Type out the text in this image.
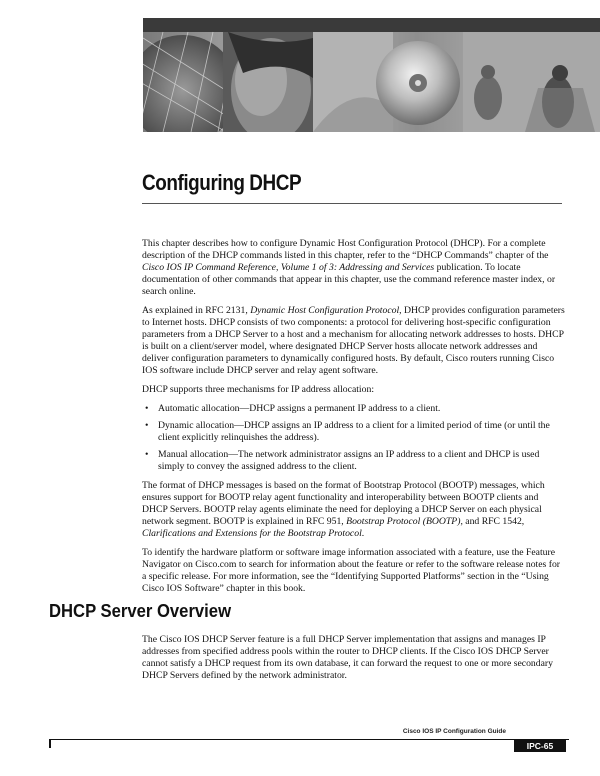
Configuring DHCP

This chapter describes how to configure Dynamic Host Configuration Protocol (DHCP). For a complete description of the DHCP commands listed in this chapter, refer to the “DHCP Commands” chapter of the Cisco IOS IP Command Reference, Volume 1 of 3: Addressing and Services publication. To locate documentation of other commands that appear in this chapter, use the command reference master index, or search online.

As explained in RFC 2131, Dynamic Host Configuration Protocol, DHCP provides configuration parameters to Internet hosts. DHCP consists of two components: a protocol for delivering host-specific configuration parameters from a DHCP Server to a host and a mechanism for allocating network addresses to hosts. DHCP is built on a client/server model, where designated DHCP Server hosts allocate network addresses and deliver configuration parameters to dynamically configured hosts. By default, Cisco routers running Cisco IOS software include DHCP server and relay agent software.

DHCP supports three mechanisms for IP address allocation:

• Automatic allocation—DHCP assigns a permanent IP address to a client.
• Dynamic allocation—DHCP assigns an IP address to a client for a limited period of time (or until the client explicitly relinquishes the address).
• Manual allocation—The network administrator assigns an IP address to a client and DHCP is used simply to convey the assigned address to the client.

The format of DHCP messages is based on the format of Bootstrap Protocol (BOOTP) messages, which ensures support for BOOTP relay agent functionality and interoperability between BOOTP clients and DHCP Servers. BOOTP relay agents eliminate the need for deploying a DHCP Server on each physical network segment. BOOTP is explained in RFC 951, Bootstrap Protocol (BOOTP), and RFC 1542, Clarifications and Extensions for the Bootstrap Protocol.

To identify the hardware platform or software image information associated with a feature, use the Feature Navigator on Cisco.com to search for information about the feature or refer to the software release notes for a specific release. For more information, see the “Identifying Supported Platforms” section in the “Using Cisco IOS Software” chapter in this book.

DHCP Server Overview

The Cisco IOS DHCP Server feature is a full DHCP Server implementation that assigns and manages IP addresses from specified address pools within the router to DHCP clients. If the Cisco IOS DHCP Server cannot satisfy a DHCP request from its own database, it can forward the request to one or more secondary DHCP Servers defined by the network administrator.

Cisco IOS IP Configuration Guide
IPC-65
